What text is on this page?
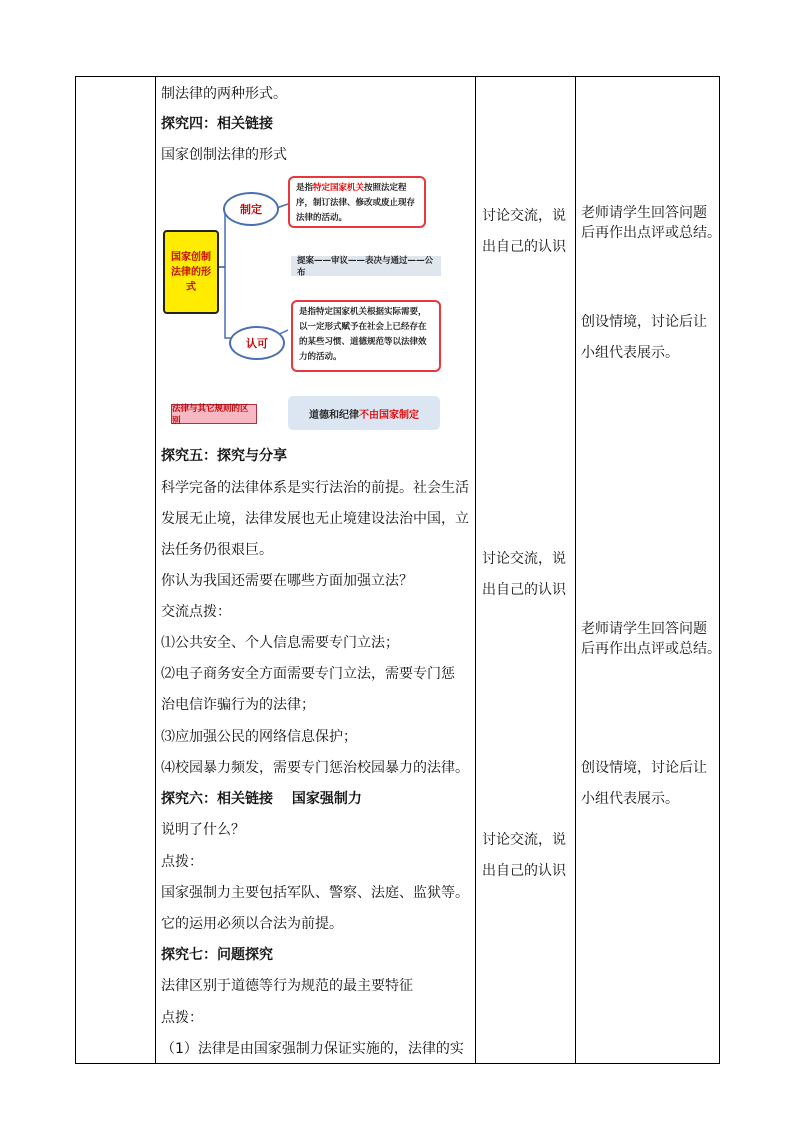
制法律的两种形式。
探究四：相关链接
国家创制法律的形式
国家创制法律的形式
制定
认可
是指特定国家机关按照法定程序，制订法律、修改或废止现存法律的活动。
提案——审议——表决与通过——公布
是指特定国家机关根据实际需要，以一定形式赋予在社会上已经存在的某些习惯、道德规范等以法律效力的活动。
法律与其它规则的区别
道德和纪律 不由国家制定
探究五：探究与分享
科学完备的法律体系是实行法治的前提。社会生活
发展无止境，法律发展也无止境建设法治中国，立
法任务仍很艰巨。
你认为我国还需要在哪些方面加强立法？
交流点拨：
⑴公共安全、个人信息需要专门立法；
⑵电子商务安全方面需要专门立法，需要专门惩
治电信诈骗行为的法律；
⑶应加强公民的网络信息保护；
⑷校园暴力频发，需要专门惩治校园暴力的法律。
探究六：相关链接　 国家强制力
说明了什么？
点拨：
国家强制力主要包括军队、警察、法庭、监狱等。
它的运用必须以合法为前提。
探究七：问题探究
法律区别于道德等行为规范的最主要特征
点拨：
（1）法律是由国家强制力保证实施的，法律的实
讨论交流，说
出自己的认识
讨论交流，说
出自己的认识
讨论交流，说
出自己的认识
老师请学生回答问题
后再作出点评或总结。
创设情境，讨论后让
小组代表展示。
老师请学生回答问题
后再作出点评或总结。
创设情境，讨论后让
小组代表展示。
